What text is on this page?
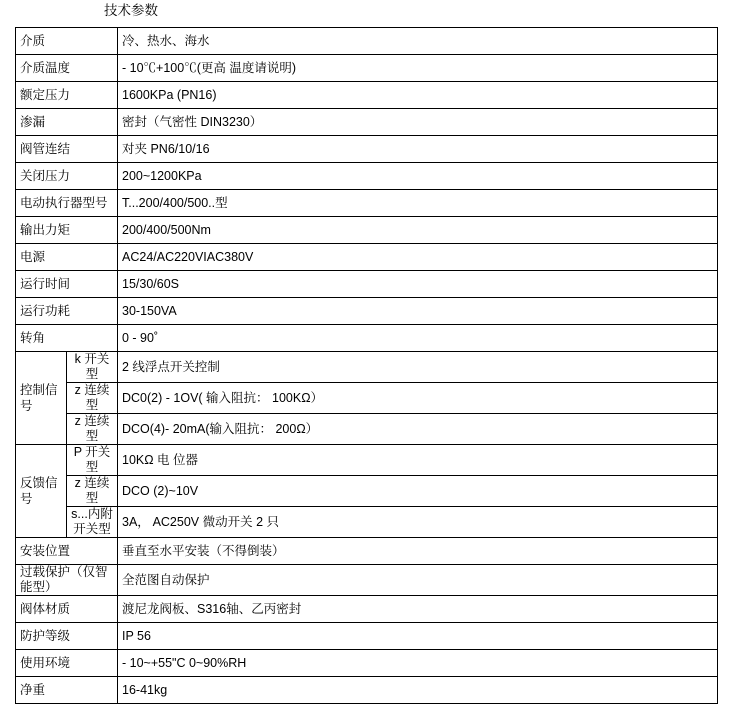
技术参数
介质		冷、热水、海水
介质温度		- 10℃+100℃(更高 温度请说明)
额定压力		1600KPa (PN16)
渗漏		密封（气密性 DIN3230）
阀管连结		对夹 PN6/10/16
关闭压力		200~1200KPa
电动执行器型号		T...200/400/500..型
输出力矩		200/400/500Nm
电源		AC24/AC220VIAC380V
运行时间		15/30/60S
运行功耗		30-150VA
转角		0 - 90˚

控制信号	k 开关型	2 线浮点开关控制
	z 连续型	DC0(2) - 1OV( 输入阻抗： 100KΩ）
	z 连续型	DCO(4)- 20mA(输入阻抗： 200Ω）

反馈信号	P 开关型	10KΩ 电 位器
	z 连续型	DCO (2)~10V
	s...内附开关型	3A， AC250V 微动开关 2 只
安装位置		垂直至水平安装（不得倒装）
过载保护（仅智能型）		全范图自动保护
阀体材质		渡尼龙阀板、S316轴、乙丙密封
防护等级		IP 56
使用环境		- 10~+55"C 0~90%RH
净重		16-41kg
